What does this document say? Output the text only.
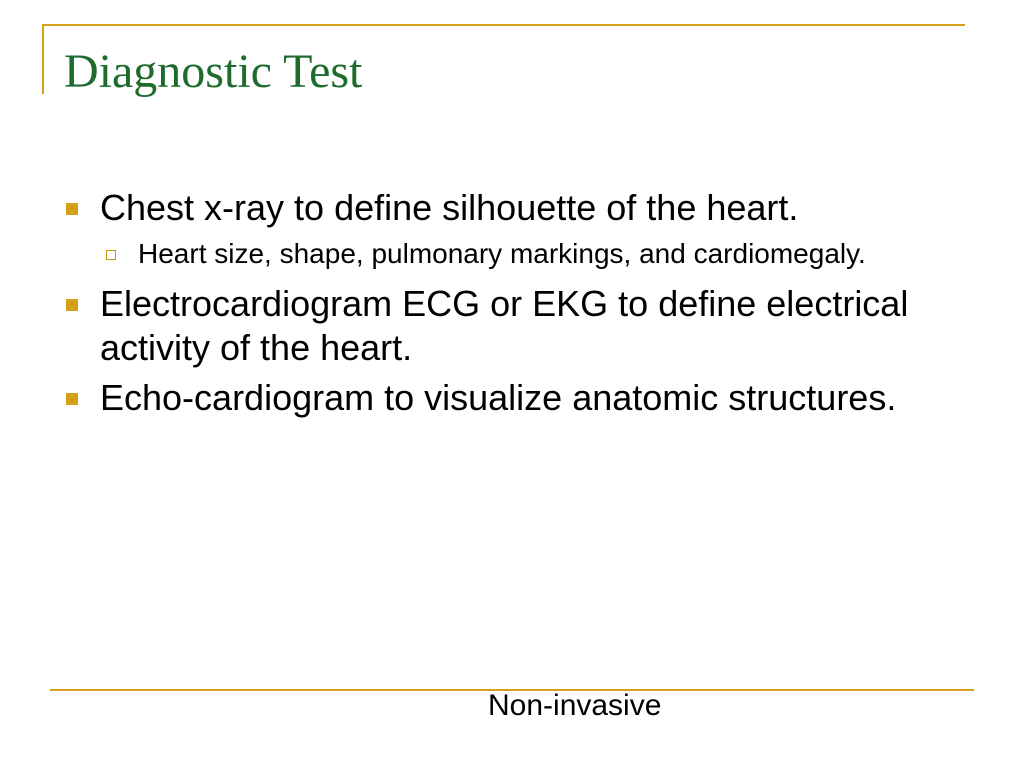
Diagnostic Test
Chest x-ray to define silhouette of the heart.
Heart size, shape, pulmonary markings, and cardiomegaly.
Electrocardiogram ECG or EKG to define electrical activity of the heart.
Echo-cardiogram to visualize anatomic structures.
Non-invasive
